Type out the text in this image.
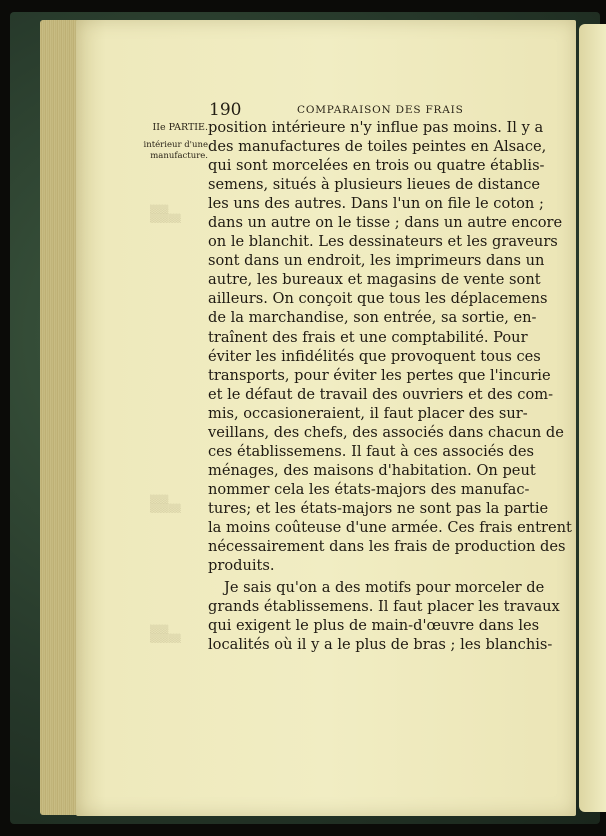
▒▒▒
▒▒▒▒▒
▒▒▒
▒▒▒▒▒
▒▒▒
▒▒▒▒▒
190	COMPARAISON DES FRAIS
IIe PARTIE.
intérieur d'une
manufacture.
position intérieure n'y influe pas moins. Il y a
des manufactures de toiles peintes en Alsace,
qui sont morcelées en trois ou quatre établis-
semens, situés à plusieurs lieues de distance
les uns des autres. Dans l'un on file le coton ;
dans un autre on le tisse ; dans un autre encore
on le blanchit. Les dessinateurs et les graveurs
sont dans un endroit, les imprimeurs dans un
autre, les bureaux et magasins de vente sont
ailleurs. On conçoit que tous les déplacemens
de la marchandise, son entrée, sa sortie, en-
traînent des frais et une comptabilité. Pour
éviter les infidélités que provoquent tous ces
transports, pour éviter les pertes que l'incurie
et le défaut de travail des ouvriers et des com-
mis, occasioneraient, il faut placer des sur-
veillans, des chefs, des associés dans chacun de
ces établissemens. Il faut à ces associés des
ménages, des maisons d'habitation. On peut
nommer cela les états-majors des manufac-
tures; et les états-majors ne sont pas la partie
la moins coûteuse d'une armée. Ces frais entrent
nécessairement dans les frais de production des
produits.
Je sais qu'on a des motifs pour morceler de
grands établissemens. Il faut placer les travaux
qui exigent le plus de main-d'œuvre dans les
localités où il y a le plus de bras ; les blanchis-
